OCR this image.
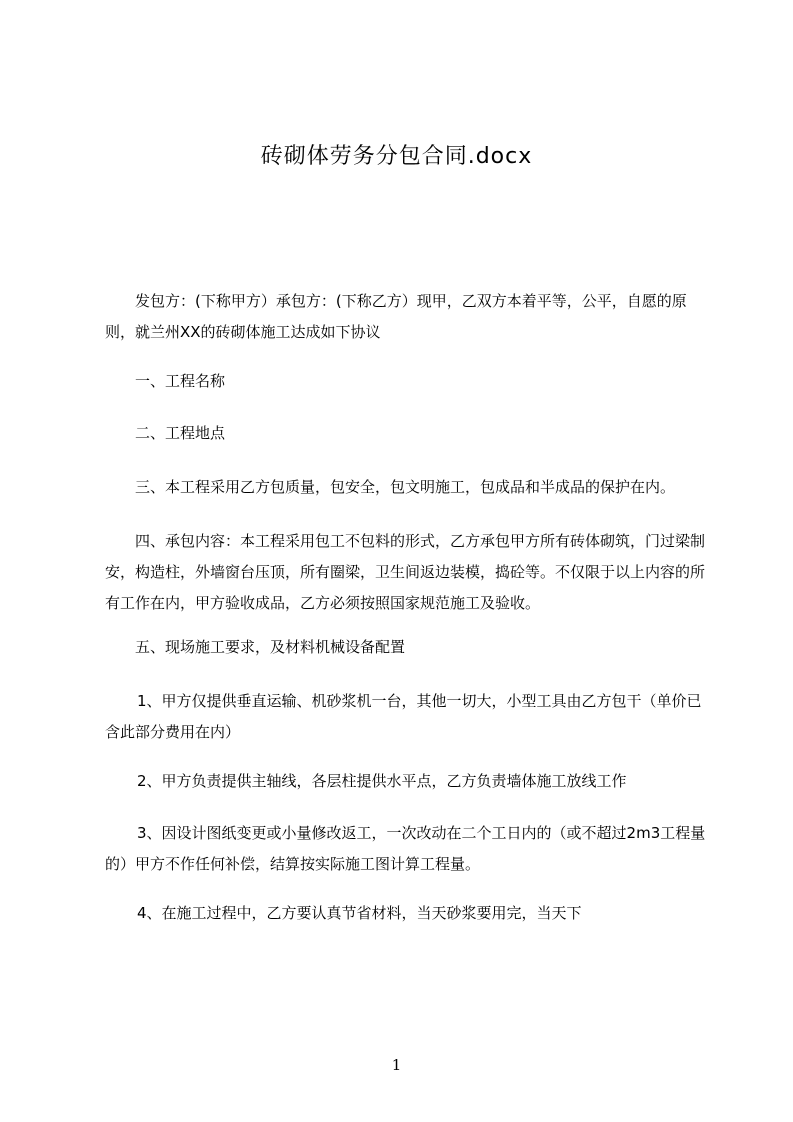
砖砌体劳务分包合同.docx

发包方：(下称甲方）承包方：(下称乙方）现甲，乙双方本着平等，公平，自愿的原则，就兰州XX的砖砌体施工达成如下协议

一、工程名称

二、工程地点

三、本工程采用乙方包质量，包安全，包文明施工，包成品和半成品的保护在内。

四、承包内容：本工程采用包工不包料的形式，乙方承包甲方所有砖体砌筑，门过梁制安，构造柱，外墙窗台压顶，所有圈梁，卫生间返边装模，捣砼等。不仅限于以上内容的所有工作在内，甲方验收成品，乙方必须按照国家规范施工及验收。

五、现场施工要求，及材料机械设备配置

1、甲方仅提供垂直运输、机砂浆机一台，其他一切大，小型工具由乙方包干（单价已含此部分费用在内）

2、甲方负责提供主轴线，各层柱提供水平点，乙方负责墙体施工放线工作

3、因设计图纸变更或小量修改返工，一次改动在二个工日内的（或不超过2m3工程量的）甲方不作任何补偿，结算按实际施工图计算工程量。

4、在施工过程中，乙方要认真节省材料，当天砂浆要用完，当天下

1
